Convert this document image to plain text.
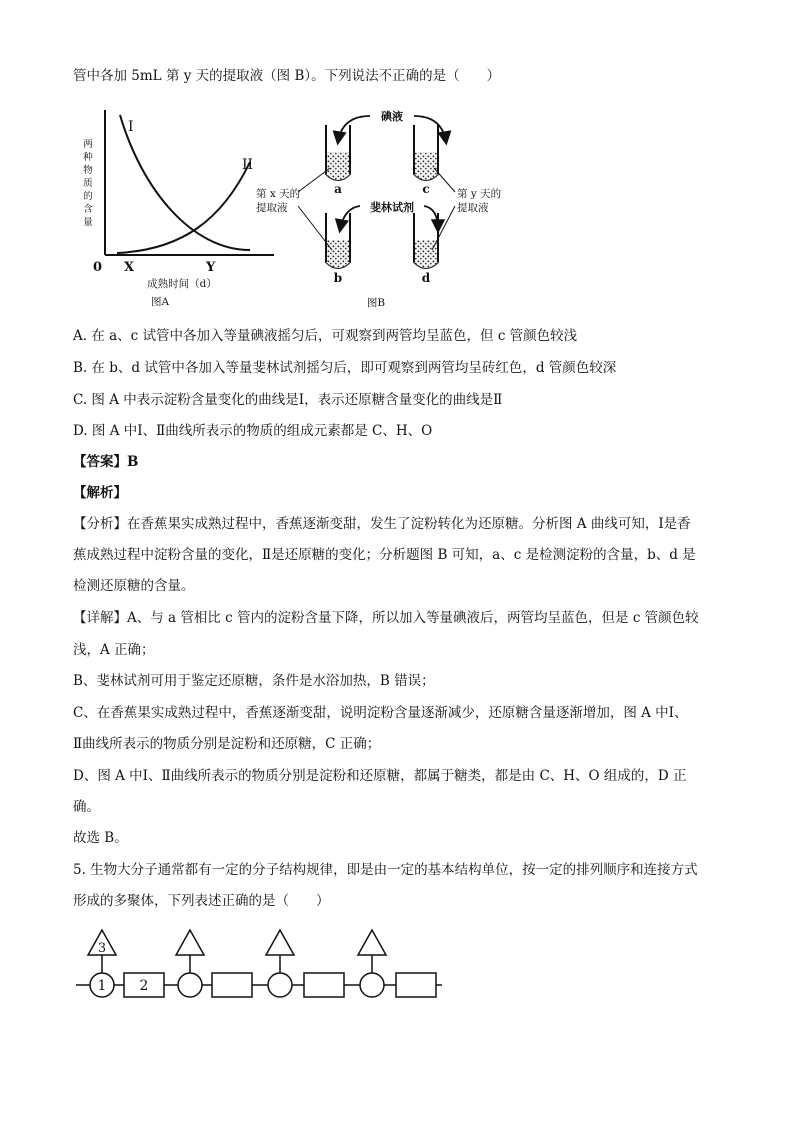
管中各加 5mL 第 y 天的提取液（图 B）。下列说法不正确的是（　　）
两
种
物
质
的
含
量
I
II
0 X	Y
成熟时间（d）
图A
碘液
a	c
斐林试剂
b	d
第 x 天的
提取液
第 y 天的
提取液
图B
A. 在 a、c 试管中各加入等量碘液摇匀后，可观察到两管均呈蓝色，但 c 管颜色较浅
B. 在 b、d 试管中各加入等量斐林试剂摇匀后，即可观察到两管均呈砖红色，d 管颜色较深
C. 图 A 中表示淀粉含量变化的曲线是Ⅰ，表示还原糖含量变化的曲线是Ⅱ
D. 图 A 中Ⅰ、Ⅱ曲线所表示的物质的组成元素都是 C、H、O
【答案】B
【解析】
【分析】在香蕉果实成熟过程中，香蕉逐渐变甜，发生了淀粉转化为还原糖。分析图 A 曲线可知，Ⅰ是香
蕉成熟过程中淀粉含量的变化，Ⅱ是还原糖的变化；分析题图 B 可知，a、c 是检测淀粉的含量，b、d 是
检测还原糖的含量。
【详解】A、与 a 管相比 c 管内的淀粉含量下降，所以加入等量碘液后，两管均呈蓝色，但是 c 管颜色较
浅，A 正确；
B、斐林试剂可用于鉴定还原糖，条件是水浴加热，B 错误；
C、在香蕉果实成熟过程中，香蕉逐渐变甜，说明淀粉含量逐渐减少，还原糖含量逐渐增加，图 A 中Ⅰ、
Ⅱ曲线所表示的物质分别是淀粉和还原糖，C 正确；
D、图 A 中Ⅰ、Ⅱ曲线所表示的物质分别是淀粉和还原糖，都属于糖类，都是由 C、H、O 组成的，D 正
确。
故选 B。
5. 生物大分子通常都有一定的分子结构规律，即是由一定的基本结构单位，按一定的排列顺序和连接方式
形成的多聚体，下列表述正确的是（　　）
3
1 2
